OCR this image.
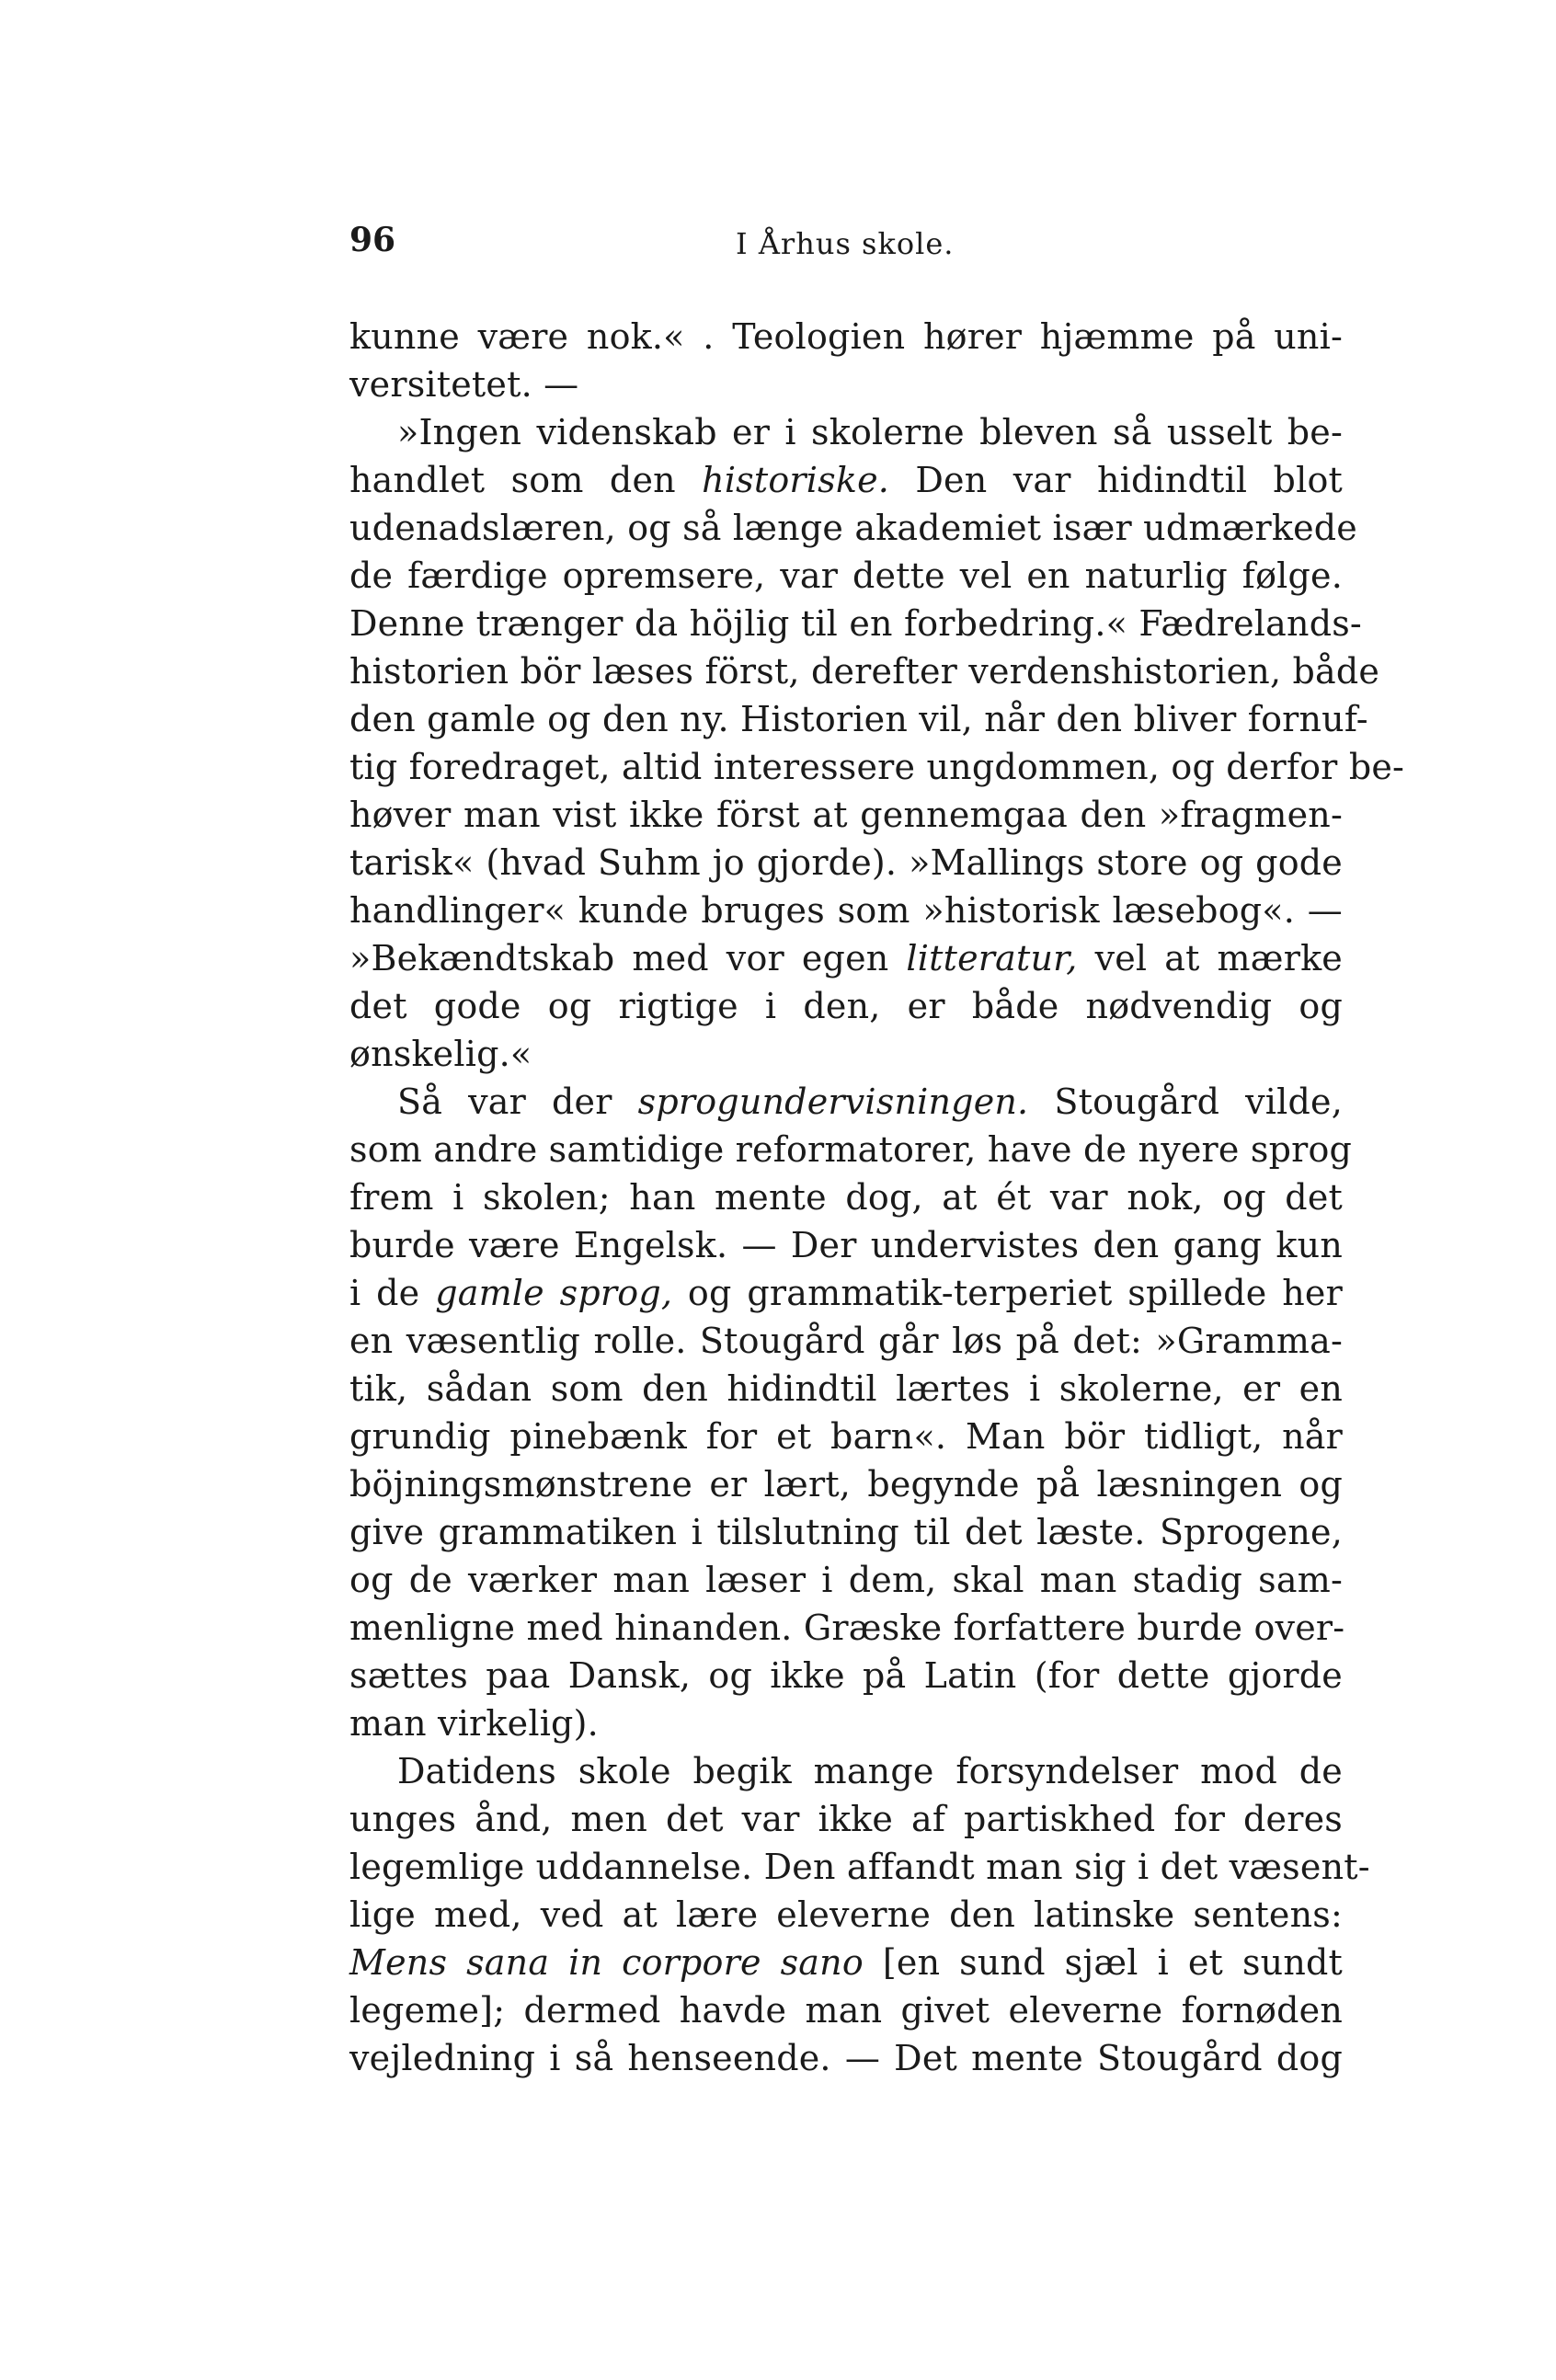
96	I Århus skole.
kunne være nok.« . Teologien hører hjæmme på uni-
versitetet. —
»Ingen videnskab er i skolerne bleven så usselt be-
handlet som den historiske. Den var hidindtil blot
udenadslæren, og så længe akademiet især udmærkede
de færdige opremsere, var dette vel en naturlig følge.
Denne trænger da höjlig til en forbedring.« Fædrelands-
historien bör læses först, derefter verdenshistorien, både
den gamle og den ny. Historien vil, når den bliver fornuf-
tig foredraget, altid interessere ungdommen, og derfor be-
høver man vist ikke först at gennemgaa den »fragmen-
tarisk« (hvad Suhm jo gjorde). »Mallings store og gode
handlinger« kunde bruges som »historisk læsebog«. —
»Bekændtskab med vor egen litteratur, vel at mærke
det gode og rigtige i den, er både nødvendig og
ønskelig.«
Så var der sprogundervisningen. Stougård vilde,
som andre samtidige reformatorer, have de nyere sprog
frem i skolen; han mente dog, at ét var nok, og det
burde være Engelsk. — Der undervistes den gang kun
i de gamle sprog, og grammatik-terperiet spillede her
en væsentlig rolle. Stougård går løs på det: »Gramma-
tik, sådan som den hidindtil lærtes i skolerne, er en
grundig pinebænk for et barn«. Man bör tidligt, når
böjningsmønstrene er lært, begynde på læsningen og
give grammatiken i tilslutning til det læste. Sprogene,
og de værker man læser i dem, skal man stadig sam-
menligne med hinanden. Græske forfattere burde over-
sættes paa Dansk, og ikke på Latin (for dette gjorde
man virkelig).
Datidens skole begik mange forsyndelser mod de
unges ånd, men det var ikke af partiskhed for deres
legemlige uddannelse. Den affandt man sig i det væsent-
lige med, ved at lære eleverne den latinske sentens:
Mens sana in corpore sano [en sund sjæl i et sundt
legeme]; dermed havde man givet eleverne fornøden
vejledning i så henseende. — Det mente Stougård dog
